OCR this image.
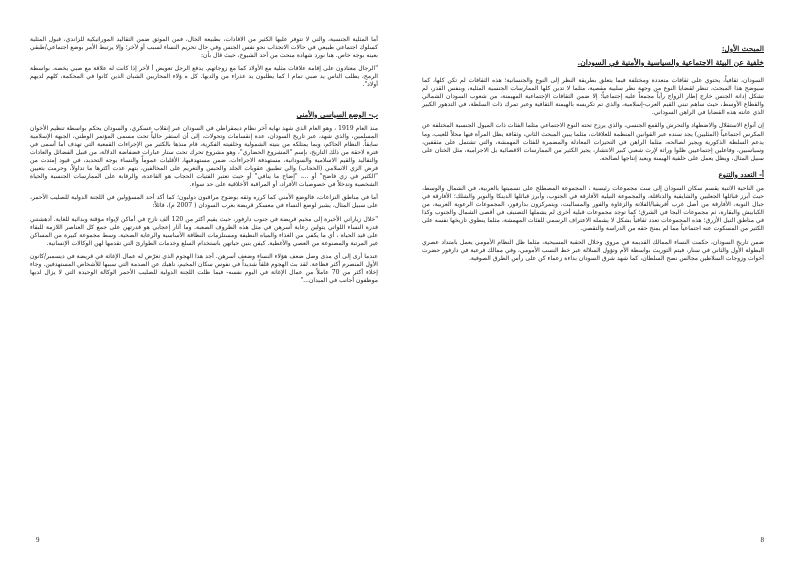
أما المثلية الجنسية، والتي لا تتوفر عليها الكثير من الافادات، بطبيعة الحال، فمن الموثق ضمن التقاليد الموراثيكية للزاندي، قبول المثلية كسلوك اجتماعي طبيعي في حالات الانجذاب نحو نفس الجنس وفي حال تحريم النساء لسبب أو لآخر؛ وإلا يرتبط الأمر بوضع اجتماعي/طبقي بعينه بوجه خاص. هنا نورد شهادة منحت من أحد الشيوخ، حيث قال بأن:

"الرجال معتادون على إقامة علاقات مثلية مع الأولاد كما مع زوجاتهم. يدفع الرجل تعويض أ لأخر إذا كانت له علاقة مع صبي يخصه. بواسطة الرمح، يطلب الناس يد صبي تمام ا كما يطلبون يد عذراء من والديها. كل ه ؤلاء المحاربين الشبان الذين كانوا في المحكمة، كلهم لديهم أولاد".

ب- الوضع السياسي والأمني

منذ العام 1919 ، وهو العام الذي شهد نهاية آخر نظام ديمقراطي في السودان عبر إنقلاب عسكري، والسودان يحكم بواسطة تنظيم الأخوان المسلمين، والذي شهد، عبر تاريخ السودان، عدة إنقسامات وتحولات، إلى أن استقر حالياً تحت مسمى المؤتمر الوطني، الجبهة الإسلامية سابقاً. النظام الحاكم، وبما يمتلكه من بنيته الشمولية وخلفيته الفكرية، قام منذها بالكثير من الإجراءات القمعية التي تهدف أما أسمى في فترة لاحقة من ذلك التاريخ، بإسم "المشروع الحضاري"، وهو مشروع تحرك تحت ستار عبارات فضفاضة الدلالة، من قبيل الفضائل والعادات والتقاليد والقيم الاسلامية والسودانية، مستهدفة الاجراءات، ضمن مستهدفيها، الأقليات عموماً والنساء بوجه التحديد، في قيود إمتدت من فرض الزي الاسلامي (الحجاب) والي تطبيق عقوبات الجلد والحبس والتغريم على المخالفين، بتهم عدت أكثرها ما تداولاً، وحرمت بتعيين "الكثير في زي فاضح" أو ...، "إضاح ما ينافي" أو حيث تعتبر الفتيات الحجاب هو القاعدة، والرقابة على الممارسات الجنسية والحياة الشخصية وتدخلاً في خصوصيات الأفراد، أو المراقبة الأخلاقية على حد سواء.

أما في مناطق النزاعات، فالوضع الأمني كما كرره وثقه بوضوح مراقبون دوليون؛ كما أكد أحد المسؤولين في اللجنة الدولية للصليب الأحمر، على سبيل المثال، يشير لوضع النساء في معسكر قريضة بغرب السودان ( 2007 م)، قائلاً:

"خلال زياراتي الأخيرة إلى مخيم قريضة في جنوب دارفور، حيث يقيم أكثر من 120 ألف نازح في أماكن لإيواء مؤقتة وبدائية للغاية. أدهشتني قدرة النساء اللواتي يتولين رعاية أسرهن في مثل هذه الظروف الصعبة. وما أثار إعجابي هو قدرتهن على جمع كل العناصر اللازمة للبقاء على قيد الحياة ، أي ما يكفي من الغذاء والمياه النظيفة ومستلزمات النظافة الأساسية والرعاية الصحية. وسط مجموعة كبيرة من المساكن غير المرتبة والمصنوعة من العصي والأغطية. كيفن بنين حياتهن باستخدام السلع وخدمات الطوارئ التي تقدمها لهن الوكالات الإنسانية.

عندما أرى إلى أي مدى وصل ضعف هؤلاء النساء وضعف أسرهن. أجد هذا الهجوم الذي تعرّض له عمال الإغاثة في قريضة في ديسمبر/كانون الأول المنصرم أكثر فظاعة. لقد بث الهجوم قلقاً شديداً في نفوس سكان المخيم، ناهيك عن الصدمة التي سببها للأشخاص المستهدفين. وجاء إخلاء أكثر من 70 عاملاً من عمال الإغاثة في اليوم نفسه- فيما ظلت اللجنة الدولية للصليب الأحمر الوكالة الوحيدة التي لا يزال لديها موظفون أجانب في الميدان..."

9
المبحث الأول:
خلفية عن البيئة الاجتماعية والسياسية والأمنية في السودان.

السودان، ثقافياً، يحتوي على ثقافات متعددة ومختلفة فيما يتعلق بطريقة النظر إلى النوع والجنسانية؛ هذه الثقافات لم تكن كلها، كما سيوضح هذا المبحث، تنظر لقضايا النوع من وجهة نظر سلبية مقصية، مثلما لا تدين كلها الممارسات الجنسية المثلية، وبنفس القدر، لم تشكل إدانة الجنس خارج إطار الزواج رأياً مجمعاً عليه إجتماعياً؛ إلا ضمن الثقافات الإجتماعية المهيمنة، من شعوب السودان الشمالي والقطاع الأوسط، حيث ساهم تبني القيم العرب-إسلامية، والذي تم تكريسه بالهيمنة الثقافية وعبر تمرك ذات السلطة، في التدهور الكبير الذي عانته هذه القضايا في الراهن السوداني.

إن أنواع الاستقلال والاضطهاد والتحرش والقمع الجنسي، والذي يرزح تحته النوع الاجتماعي مثلما الفئات ذات الميول الجنسية المختلفة عن المكرس اجتماعياً (المثليين) يجد سنده عبر القوانين المنظمة للعلاقات، مثلما يبين المبحث الثاني، وثقافة يظل المرأة فيها محلاً للعيب، وما يدعم السلطة الذكورية ويجير لصالحه، مثلما الراهن في التحيزات المعادلة والمضمرة للفئات المهمشة، والتي تشتمل على مثقفين، وسياسيين، وفاعلين إجتماعيين ظلوا وراثة لإرث شعبي كبير الانتشار، يجيز الكثير من الممارسات الاقصائية بل الاجرامية، مثل الختان على سبيل المثال، ويظل يعمل على خلفية الهيمنة ويعيد إنتاجها لصالحه.

أ- التعدد والتنوع

من الناحية الاثنية يقسم سكان السودان إلى ست مجموعات رئيسية ، المجموعة المصطلح على تسميتها بالعربية، في الشمال والوسط، حيث أبرز قبائلها الجعليين والشايقية والدناقلة، والمجموعة النيلية الأفارقة في الجنوب، وأبرز قبائلها الدينكا والنوير والشلك؛ الأفارقة في جبال النوبة، الأفارقة من أصل غرب أفريقيا/الفلاتة والزغاوة والفور والمساليت، ويتمركزون بدارفور، المجموعات الرعوية العربية، من الكبابيش والبقارة، ثم مجموعات البجا في الشرق؛ كما توجد مجموعات قبلية أخرى لم يشملها التصنيف في أقصى الشمال والجنوب وكذا في مناطق النيل الأزرق؛ هذه المجموعات تعدد ثقافياً بشكل لا يشمله الاعتراف الرسمي للفئات المهمشة، مثلما ينطوي تاريخها نفسه على الكثير من المسكوت عنه اجتماعياً مما لم يمنح حقه من الدراسة والتقصي.

ضمن تاريخ السودان، حكمت النساء الممالك القديمة في مروي وخلال الحقبة المسيحية، مثلما ظل النظام الأمومي يعمل بامتداد عصري البطولة الأول والثاني في سنار، فيتم التوريث بواسطة الأم وتؤول السلالة عبر خط النسب الأمومي، وفي ممالك فرعية في دارفور حضرت أخوات وزوجات السلاطين مجالس نصح السلطان، كما شهد شرق السودان بداءة زعماء كن على رأس الطرق الصوفية.

8
